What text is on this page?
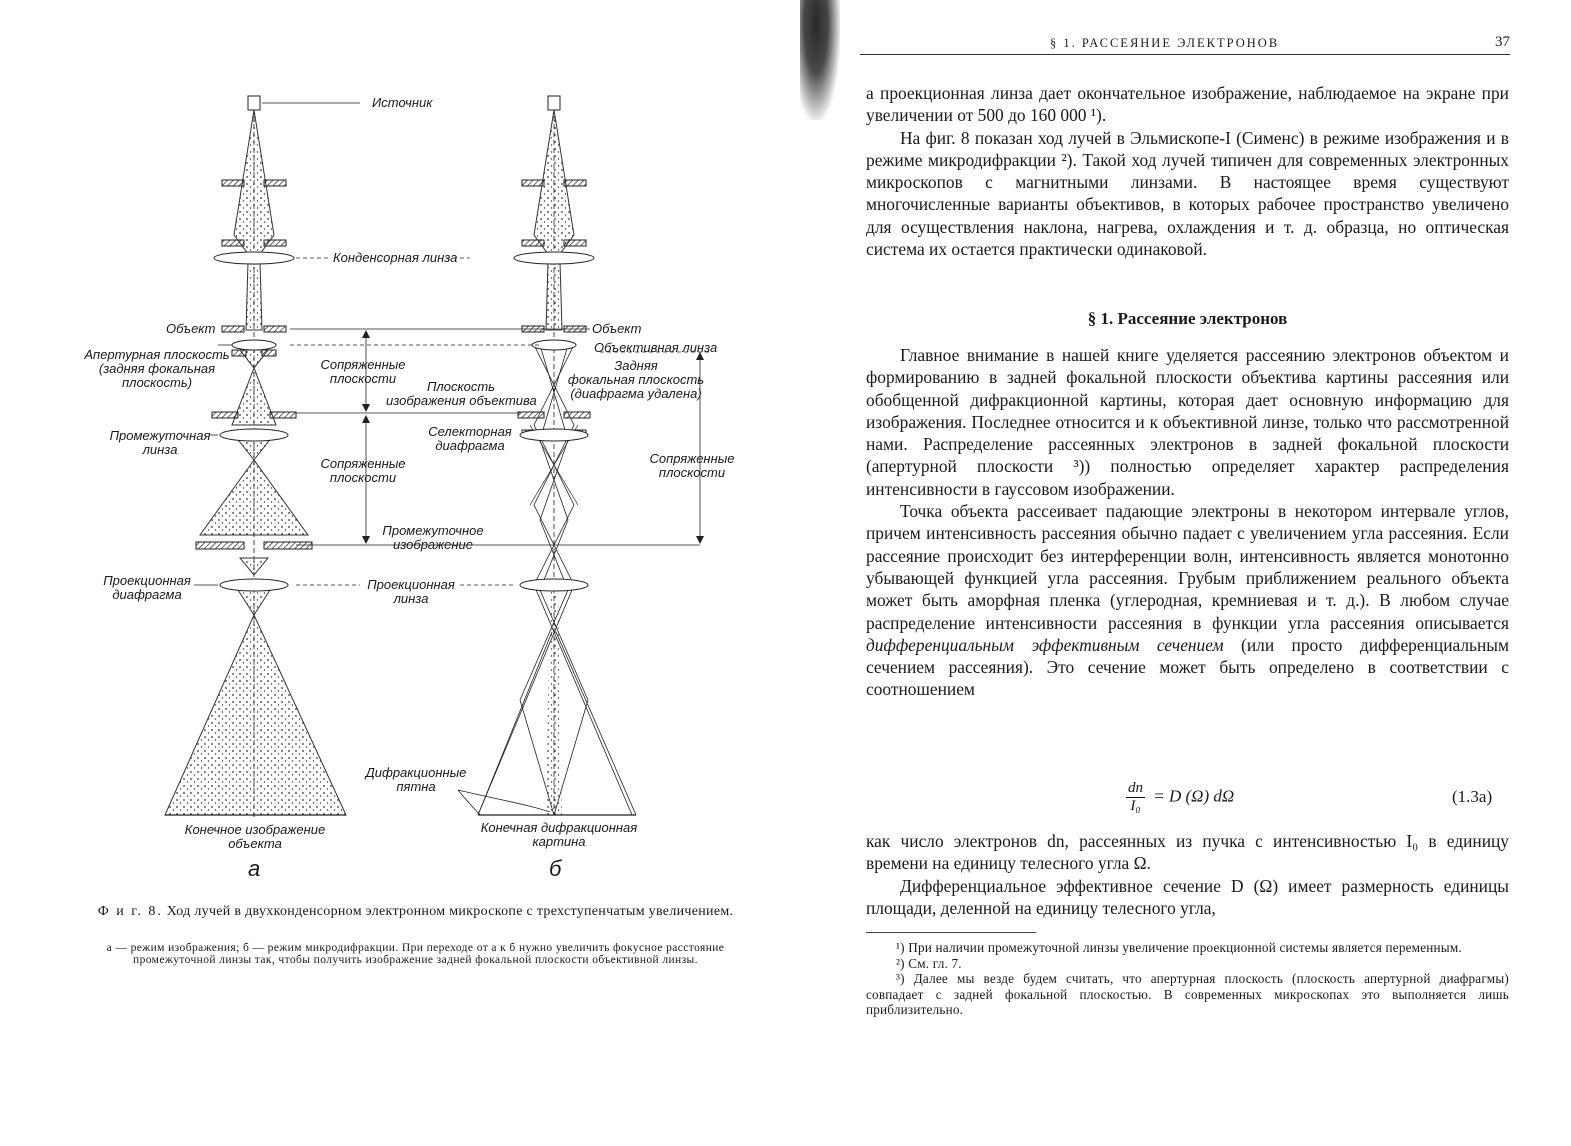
Источник
Конденсорная линза
Объект
Апертурная плоскость
(задняя фокальная
плоскость)
Сопряженные
плоскости
Промежуточная
линза
Сопряженные
плоскости
Промежуточное
изображение
Проекционная
диафрагма
Проекционная
линза
Конечное изображение
объекта
а
Объект
Объективная линза
Задняя
фокальная плоскость
(диафрагма удалена)
Плоскость
изображения объектива
Селекторная
диафрагма
Сопряженные
плоскости
Дифракционные
пятна
Конечная дифракционная
картина
б
Ф и г. 8. Ход лучей в двухконденсорном электронном микроскопе с трехступенчатым увеличением.
а — режим изображения; б — режим микродифракции. При переходе от а к б нужно увеличить фокусное расстояние промежуточной линзы так, чтобы получить изображение задней фокальной плоскости объективной линзы.
§ 1. РАССЕЯНИЕ ЭЛЕКТРОНОВ	37

а проекционная линза дает окончательное изображение, наблюдаемое на экране при увеличении от 500 до 160 000 ¹).

На фиг. 8 показан ход лучей в Эльмископе-I (Сименс) в режиме изображения и в режиме микродифракции ²). Такой ход лучей типичен для современных электронных микроскопов с магнитными линзами. В настоящее время существуют многочисленные варианты объективов, в которых рабочее пространство увеличено для осуществления наклона, нагрева, охлаждения и т. д. образца, но оптическая система их остается практически одинаковой.

§ 1. Рассеяние электронов

Главное внимание в нашей книге уделяется рассеянию электронов объектом и формированию в задней фокальной плоскости объектива картины рассеяния или обобщенной дифракционной картины, которая дает основную информацию для изображения. Последнее относится и к объективной линзе, только что рассмотренной нами. Распределение рассеянных электронов в задней фокальной плоскости (апертурной плоскости ³)) полностью определяет характер распределения интенсивности в гауссовом изображении.

Точка объекта рассеивает падающие электроны в некотором интервале углов, причем интенсивность рассеяния обычно падает с увеличением угла рассеяния. Если рассеяние происходит без интерференции волн, интенсивность является монотонно убывающей функцией угла рассеяния. Грубым приближением реального объекта может быть аморфная пленка (углеродная, кремниевая и т. д.). В любом случае распределение интенсивности рассеяния в функции угла рассеяния описывается дифференциальным эффективным сечением (или просто дифференциальным сечением рассеяния). Это сечение может быть определено в соответствии с соотношением

$\frac{dn}{\text{I₀}} = D$ (Ω) dΩ	(1.3а)

как число электронов dn, рассеянных из пучка с интенсивностью I₀ в единицу времени на единицу телесного угла Ω.

Дифференциальное эффективное сечение D (Ω) имеет размерность единицы площади, деленной на единицу телесного угла,

¹) При наличии промежуточной линзы увеличение проекционной системы является переменным.

²) См. гл. 7.

³) Далее мы везде будем считать, что апертурная плоскость (плоскость апертурной диафрагмы) совпадает с задней фокальной плоскостью. В современных микроскопах это выполняется лишь приблизительно.
